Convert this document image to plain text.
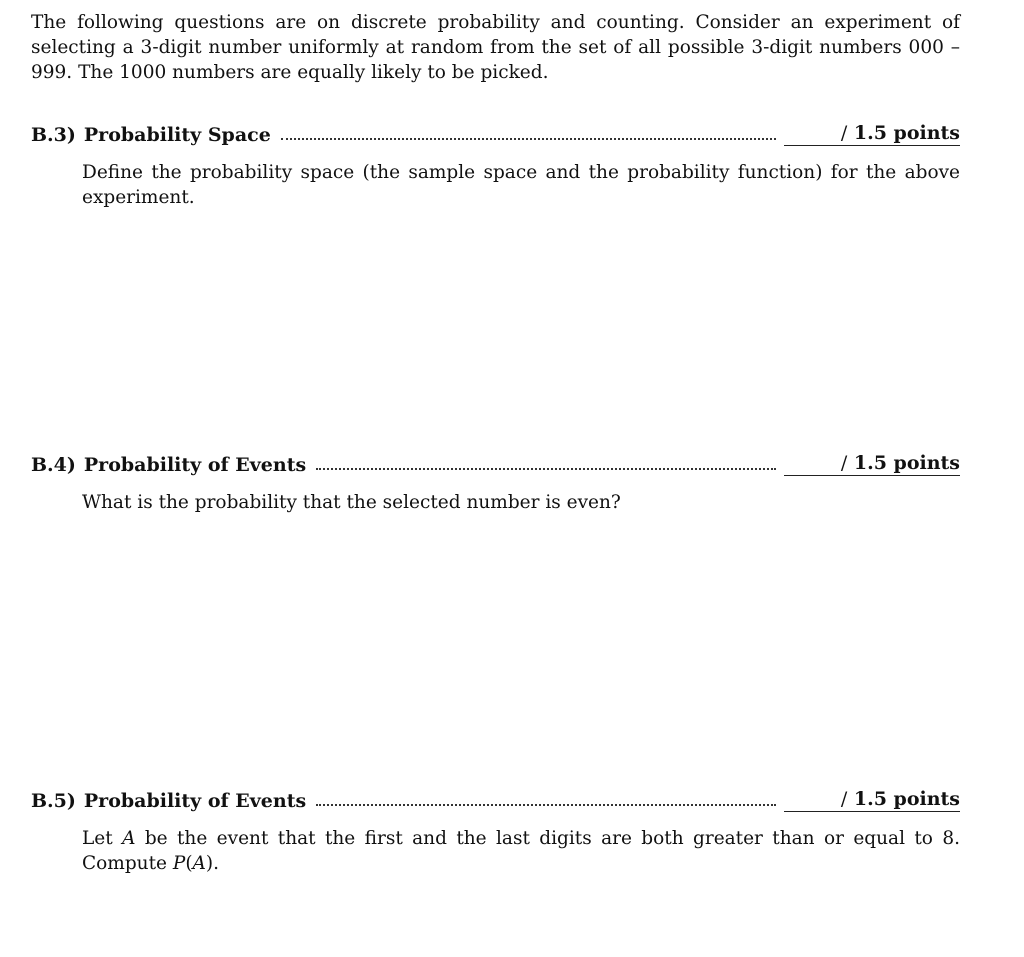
The following questions are on discrete probability and counting. Consider an experiment of selecting a 3-digit number uniformly at random from the set of all possible 3-digit numbers 000 – 999. The 1000 numbers are equally likely to be picked.

B.3) Probability Space	/ 1.5 points
Define the probability space (the sample space and the probability function) for the above experiment.
B.4) Probability of Events	/ 1.5 points
What is the probability that the selected number is even?
B.5) Probability of Events	/ 1.5 points
Let A be the event that the first and the last digits are both greater than or equal to 8. Compute P(A).
